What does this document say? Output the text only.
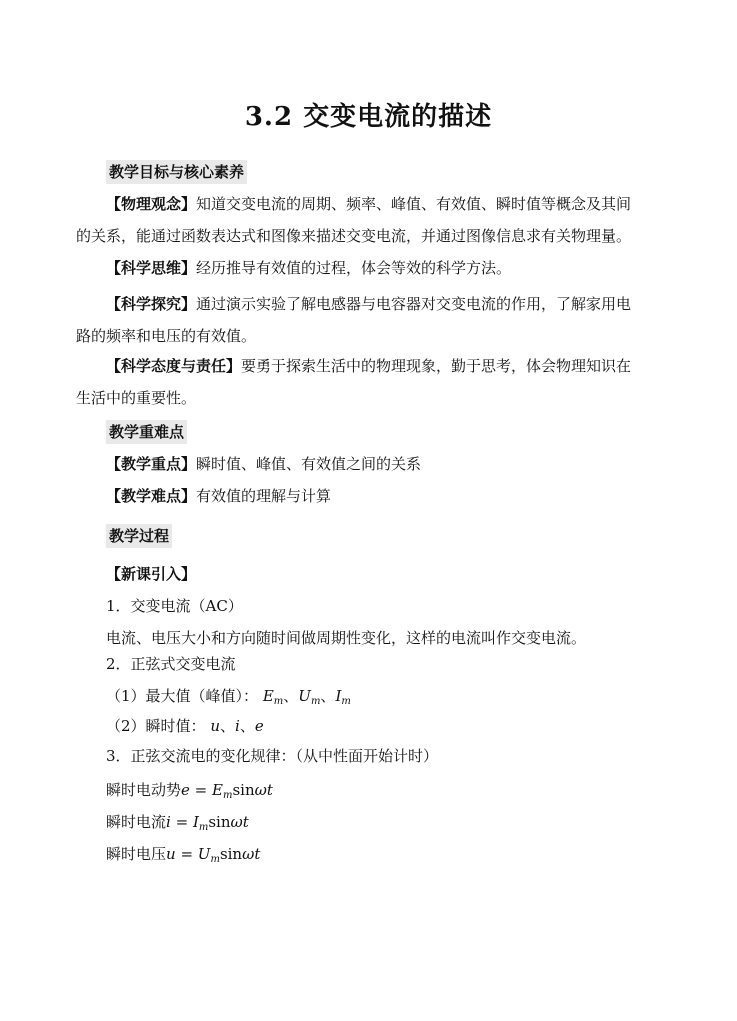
3.2 交变电流的描述
教学目标与核心素养
【物理观念】知道交变电流的周期、频率、峰值、有效值、瞬时值等概念及其间
的关系，能通过函数表达式和图像来描述交变电流，并通过图像信息求有关物理量。
【科学思维】经历推导有效值的过程，体会等效的科学方法。
【科学探究】通过演示实验了解电感器与电容器对交变电流的作用，了解家用电
路的频率和电压的有效值。
【科学态度与责任】要勇于探索生活中的物理现象，勤于思考，体会物理知识在
生活中的重要性。
教学重难点
【教学重点】瞬时值、峰值、有效值之间的关系
【教学难点】有效值的理解与计算
教学过程
【新课引入】
1．交变电流（AC）
电流、电压大小和方向随时间做周期性变化，这样的电流叫作交变电流。
2．正弦式交变电流
（1）最大值（峰值）： $E_m$、$U_m$、$I_m$
（2）瞬时值： u、i、e
3．正弦交流电的变化规律：（从中性面开始计时）
瞬时电动势$e = E_m\sin\omega t$
瞬时电流$i = I_m\sin\omega t$
瞬时电压$u = U_m\sin\omega t$
